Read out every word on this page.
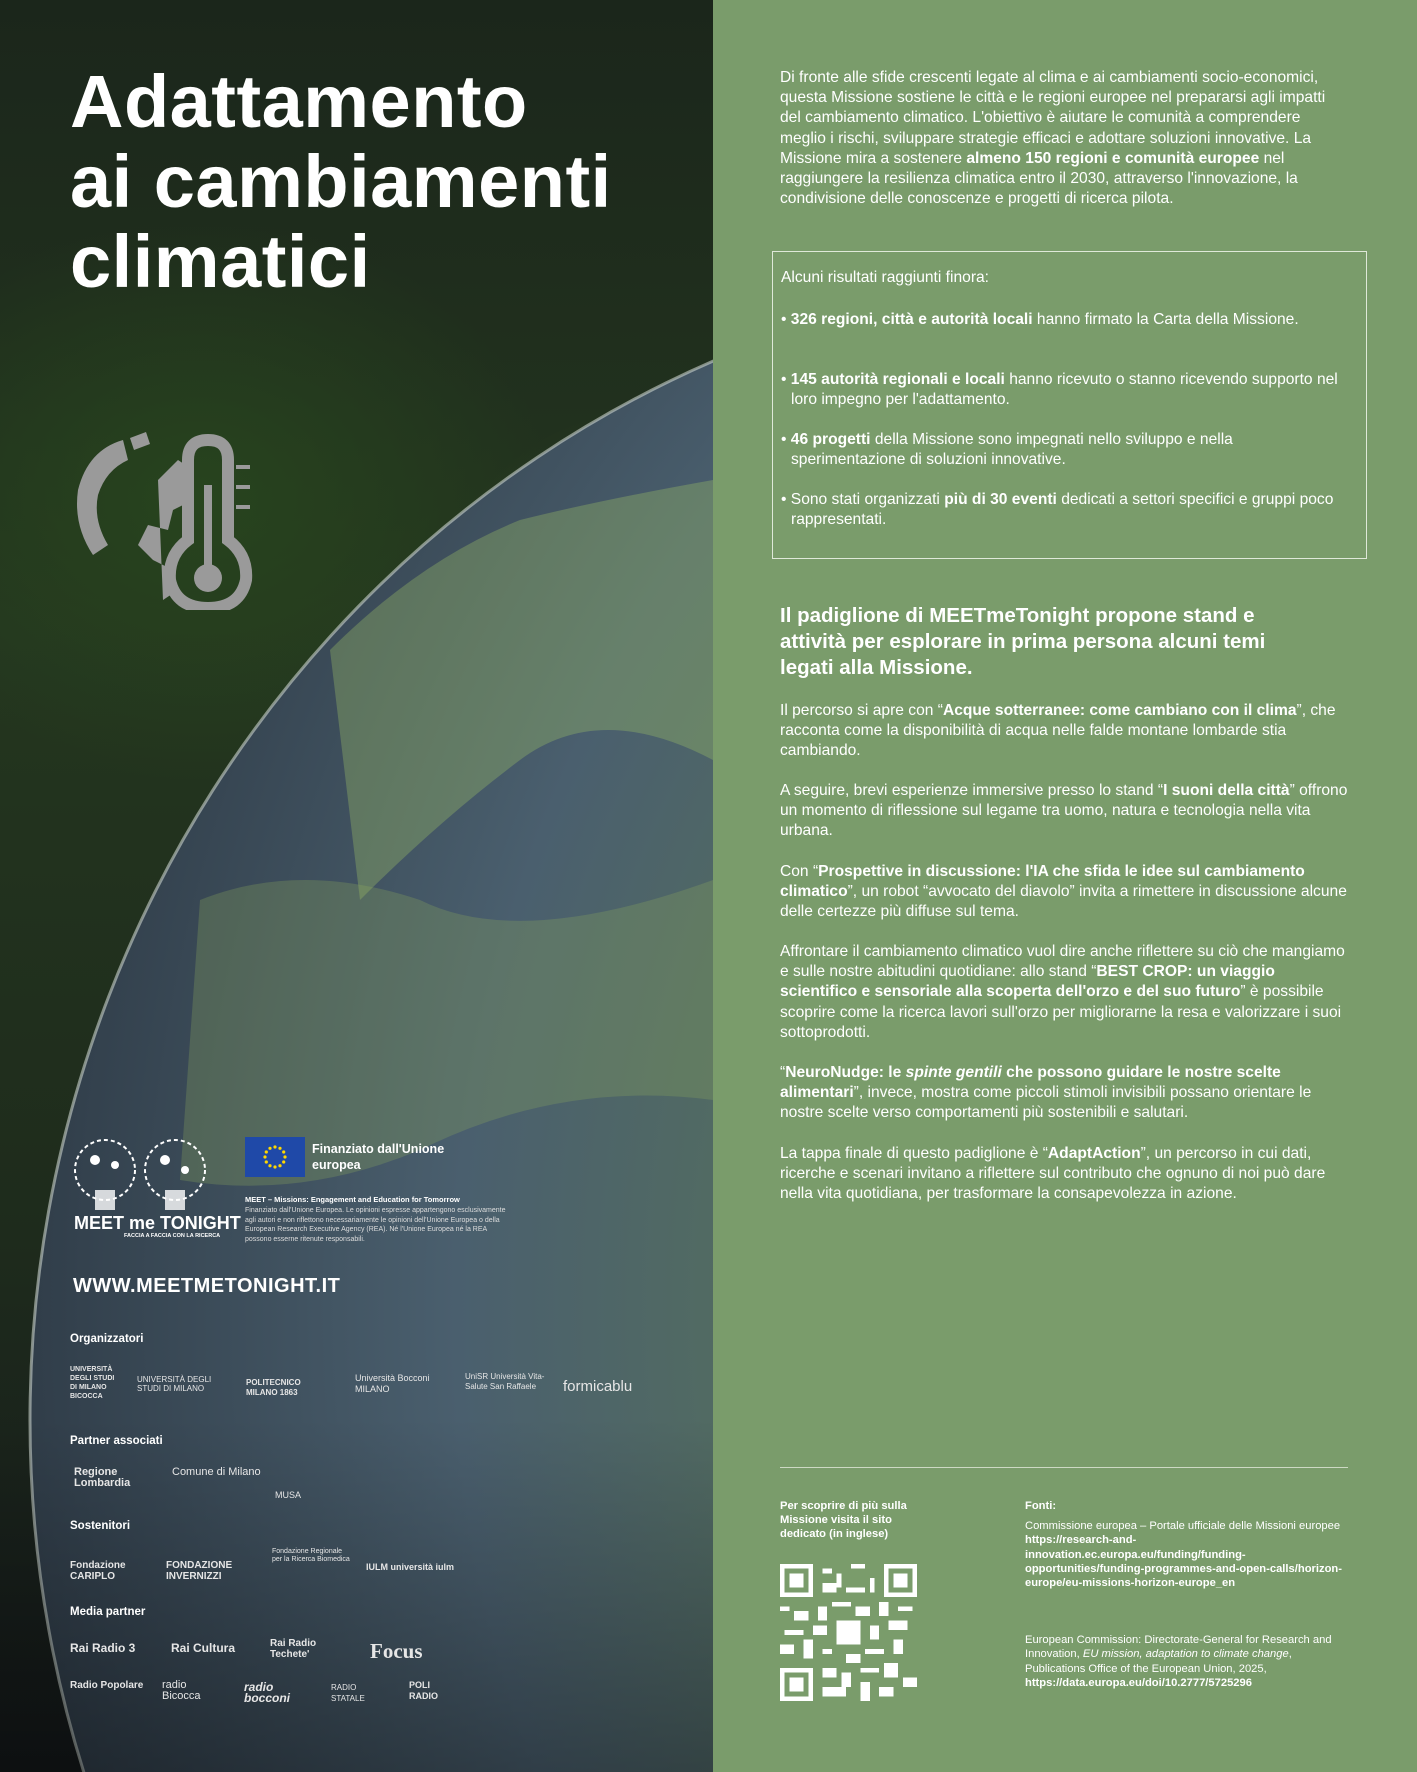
Adattamento
ai cambiamenti
climatici
MEET me TONIGHT
FACCIA A FACCIA CON LA RICERCA
Finanziato dall'Unione europea
MEET – Missions: Engagement and Education for Tomorrow
Finanziato dall'Unione Europea. Le opinioni espresse appartengono esclusivamente agli autori e non riflettono necessariamente le opinioni dell'Unione Europea o della European Research Executive Agency (REA). Né l'Unione Europea né la REA possono esserne ritenute responsabili.
WWW.MEETMETONIGHT.IT
Organizzatori
UNIVERSITÀ DEGLI STUDI DI MILANO BICOCCA
UNIVERSITÀ DEGLI STUDI DI MILANO
POLITECNICO MILANO 1863
Università Bocconi MILANO
UniSR Università Vita-Salute San Raffaele	formicablu
Partner associati
Regione Lombardia
Comune di Milano
MUSA
Sostenitori
Fondazione CARIPLO
FONDAZIONE INVERNIZZI
Fondazione Regionale per la Ricerca Biomedica
IULM università iulm
Media partner
Rai Radio 3	Rai Cultura	Rai Radio Techete'	Focus
Radio Popolare	radio Bicocca
radio bocconi
RADIO STATALE
POLI RADIO

Di fronte alle sfide crescenti legate al clima e ai cambiamenti socio-economici, questa Missione sostiene le città e le regioni europee nel prepararsi agli impatti del cambiamento climatico. L'obiettivo è aiutare le comunità a comprendere meglio i rischi, sviluppare strategie efficaci e adottare soluzioni innovative. La Missione mira a sostenere almeno 150 regioni e comunità europee nel raggiungere la resilienza climatica entro il 2030, attraverso l'innovazione, la condivisione delle conoscenze e progetti di ricerca pilota.

Alcuni risultati raggiunti finora:

• 326 regioni, città e autorità locali hanno firmato la Carta della Missione.

• 145 autorità regionali e locali hanno ricevuto o stanno ricevendo supporto nel loro impegno per l'adattamento.

• 46 progetti della Missione sono impegnati nello sviluppo e nella sperimentazione di soluzioni innovative.

• Sono stati organizzati più di 30 eventi dedicati a settori specifici e gruppi poco rappresentati.

Il padiglione di MEETmeTonight propone stand e attività per esplorare in prima persona alcuni temi legati alla Missione.

Il percorso si apre con “Acque sotterranee: come cambiano con il clima”, che racconta come la disponibilità di acqua nelle falde montane lombarde stia cambiando.

A seguire, brevi esperienze immersive presso lo stand “I suoni della città” offrono un momento di riflessione sul legame tra uomo, natura e tecnologia nella vita urbana.

Con “Prospettive in discussione: l'IA che sfida le idee sul cambiamento climatico”, un robot “avvocato del diavolo” invita a rimettere in discussione alcune delle certezze più diffuse sul tema.

Affrontare il cambiamento climatico vuol dire anche riflettere su ciò che mangiamo e sulle nostre abitudini quotidiane: allo stand “BEST CROP: un viaggio scientifico e sensoriale alla scoperta dell'orzo e del suo futuro” è possibile scoprire come la ricerca lavori sull'orzo per migliorarne la resa e valorizzare i suoi sottoprodotti.

“NeuroNudge: le spinte gentili che possono guidare le nostre scelte alimentari”, invece, mostra come piccoli stimoli invisibili possano orientare le nostre scelte verso comportamenti più sostenibili e salutari.

La tappa finale di questo padiglione è “AdaptAction”, un percorso in cui dati, ricerche e scenari invitano a riflettere sul contributo che ognuno di noi può dare nella vita quotidiana, per trasformare la consapevolezza in azione.

Per scoprire di più sulla Missione visita il sito dedicato (in inglese)

Fonti:

Commissione europea – Portale ufficiale delle Missioni europee https://research-and-innovation.ec.europa.eu/funding/funding-opportunities/funding-programmes-and-open-calls/horizon-europe/eu-missions-horizon-europe_en

European Commission: Directorate-General for Research and Innovation, EU mission, adaptation to climate change, Publications Office of the European Union, 2025, https://data.europa.eu/doi/10.2777/5725296
